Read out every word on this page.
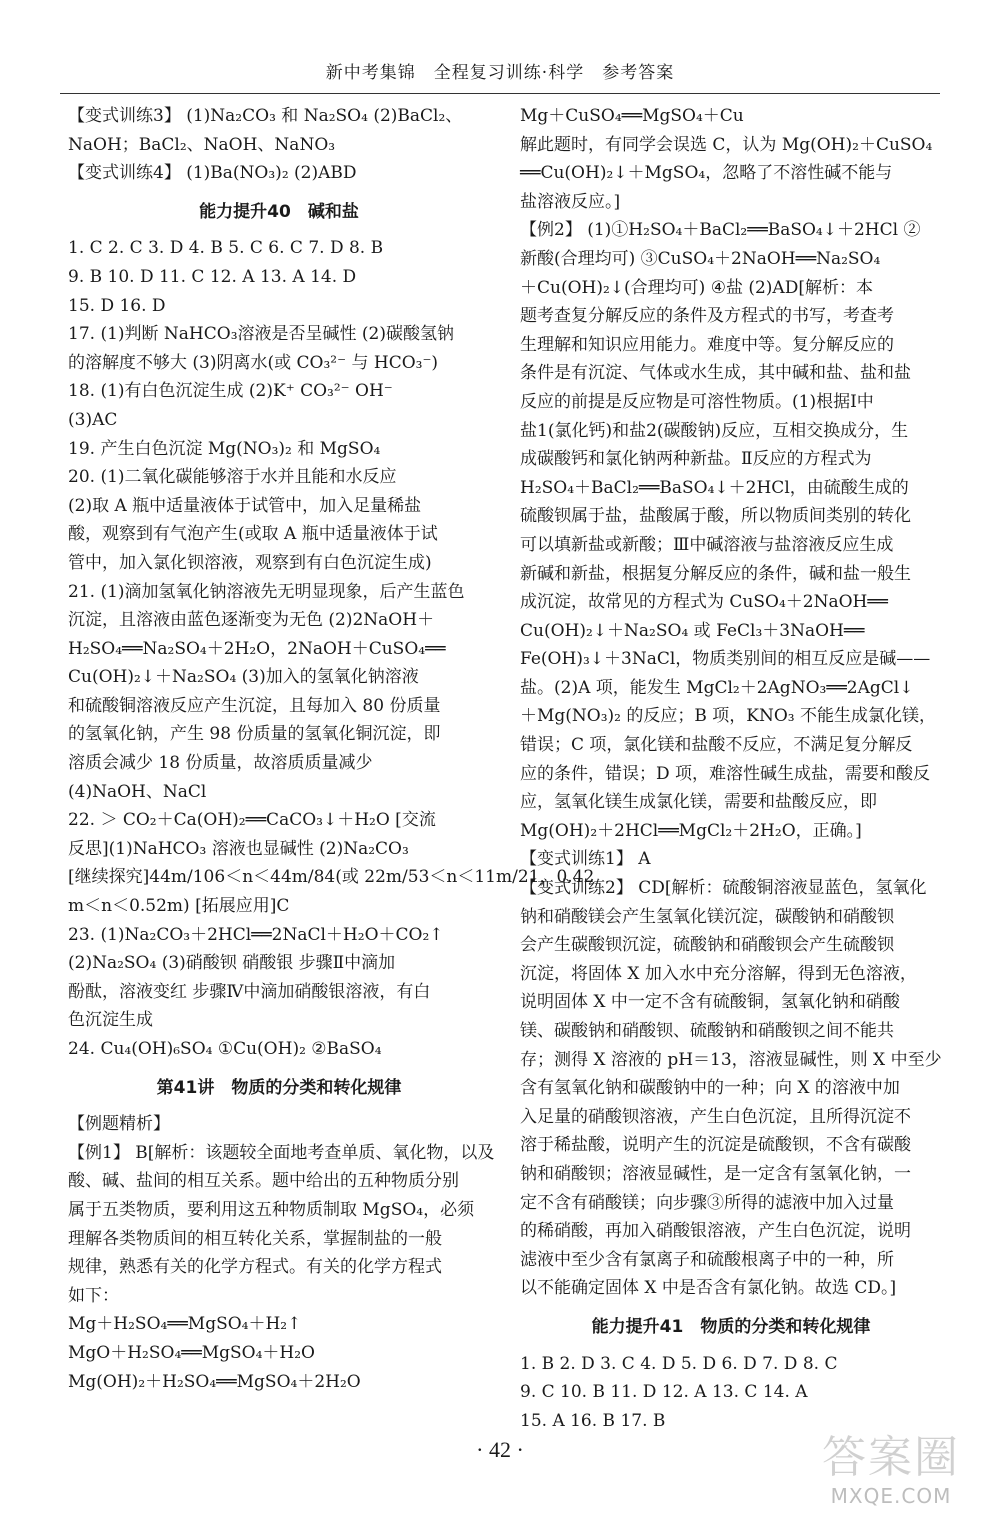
新中考集锦　全程复习训练·科学　参考答案
【变式训练3】 (1)Na₂CO₃ 和 Na₂SO₄ (2)BaCl₂、
NaOH；BaCl₂、NaOH、NaNO₃
【变式训练4】 (1)Ba(NO₃)₂ (2)ABD
能力提升40　碱和盐
1. C 2. C 3. D 4. B 5. C 6. C 7. D 8. B
9. B 10. D 11. C 12. A 13. A 14. D
15. D 16. D
17. (1)判断 NaHCO₃溶液是否呈碱性 (2)碳酸氢钠
的溶解度不够大 (3)阴离水(或 CO₃²⁻ 与 HCO₃⁻)
18. (1)有白色沉淀生成 (2)K⁺ CO₃²⁻ OH⁻
(3)AC
19. 产生白色沉淀 Mg(NO₃)₂ 和 MgSO₄
20. (1)二氧化碳能够溶于水并且能和水反应
(2)取 A 瓶中适量液体于试管中，加入足量稀盐
酸，观察到有气泡产生(或取 A 瓶中适量液体于试
管中，加入氯化钡溶液，观察到有白色沉淀生成)
21. (1)滴加氢氧化钠溶液先无明显现象，后产生蓝色
沉淀，且溶液由蓝色逐渐变为无色 (2)2NaOH＋
H₂SO₄══Na₂SO₄＋2H₂O，2NaOH＋CuSO₄══
Cu(OH)₂↓＋Na₂SO₄ (3)加入的氢氧化钠溶液
和硫酸铜溶液反应产生沉淀，且每加入 80 份质量
的氢氧化钠，产生 98 份质量的氢氧化铜沉淀，即
溶质会减少 18 份质量，故溶质质量减少
(4)NaOH、NaCl
22. ＞ CO₂＋Ca(OH)₂══CaCO₃↓＋H₂O [交流
反思](1)NaHCO₃ 溶液也显碱性 (2)Na₂CO₃
[继续探究]44m/106＜n＜44m/84(或 22m/53＜n＜11m/21，0.42
m＜n＜0.52m) [拓展应用]C
23. (1)Na₂CO₃＋2HCl══2NaCl＋H₂O＋CO₂↑
(2)Na₂SO₄ (3)硝酸钡 硝酸银 步骤Ⅱ中滴加
酚酞，溶液变红 步骤Ⅳ中滴加硝酸银溶液，有白
色沉淀生成
24. Cu₄(OH)₆SO₄ ①Cu(OH)₂ ②BaSO₄
第41讲　物质的分类和转化规律
【例题精析】
【例1】 B[解析：该题较全面地考查单质、氧化物，以及
酸、碱、盐间的相互关系。题中给出的五种物质分别
属于五类物质，要利用这五种物质制取 MgSO₄，必须
理解各类物质间的相互转化关系，掌握制盐的一般
规律，熟悉有关的化学方程式。有关的化学方程式
如下：
Mg＋H₂SO₄══MgSO₄＋H₂↑
MgO＋H₂SO₄══MgSO₄＋H₂O
Mg(OH)₂＋H₂SO₄══MgSO₄＋2H₂O
Mg＋CuSO₄══MgSO₄＋Cu
解此题时，有同学会误选 C，认为 Mg(OH)₂＋CuSO₄
══Cu(OH)₂↓＋MgSO₄，忽略了不溶性碱不能与
盐溶液反应。]
【例2】 (1)①H₂SO₄＋BaCl₂══BaSO₄↓＋2HCl ②
新酸(合理均可) ③CuSO₄＋2NaOH══Na₂SO₄
＋Cu(OH)₂↓(合理均可) ④盐 (2)AD[解析：本
题考查复分解反应的条件及方程式的书写，考查考
生理解和知识应用能力。难度中等。复分解反应的
条件是有沉淀、气体或水生成，其中碱和盐、盐和盐
反应的前提是反应物是可溶性物质。(1)根据Ⅰ中
盐1(氯化钙)和盐2(碳酸钠)反应，互相交换成分，生
成碳酸钙和氯化钠两种新盐。Ⅱ反应的方程式为
H₂SO₄＋BaCl₂══BaSO₄↓＋2HCl，由硫酸生成的
硫酸钡属于盐，盐酸属于酸，所以物质间类别的转化
可以填新盐或新酸；Ⅲ中碱溶液与盐溶液反应生成
新碱和新盐，根据复分解反应的条件，碱和盐一般生
成沉淀，故常见的方程式为 CuSO₄＋2NaOH══
Cu(OH)₂↓＋Na₂SO₄ 或 FeCl₃＋3NaOH══
Fe(OH)₃↓＋3NaCl，物质类别间的相互反应是碱——
盐。(2)A 项，能发生 MgCl₂＋2AgNO₃══2AgCl↓
＋Mg(NO₃)₂ 的反应；B 项，KNO₃ 不能生成氯化镁，
错误；C 项，氯化镁和盐酸不反应，不满足复分解反
应的条件，错误；D 项，难溶性碱生成盐，需要和酸反
应，氢氧化镁生成氯化镁，需要和盐酸反应，即
Mg(OH)₂＋2HCl══MgCl₂＋2H₂O，正确。]
【变式训练1】 A
【变式训练2】 CD[解析：硫酸铜溶液显蓝色，氢氧化
钠和硝酸镁会产生氢氧化镁沉淀，碳酸钠和硝酸钡
会产生碳酸钡沉淀，硫酸钠和硝酸钡会产生硫酸钡
沉淀，将固体 X 加入水中充分溶解，得到无色溶液，
说明固体 X 中一定不含有硫酸铜，氢氧化钠和硝酸
镁、碳酸钠和硝酸钡、硫酸钠和硝酸钡之间不能共
存；测得 X 溶液的 pH＝13，溶液显碱性，则 X 中至少
含有氢氧化钠和碳酸钠中的一种；向 X 的溶液中加
入足量的硝酸钡溶液，产生白色沉淀，且所得沉淀不
溶于稀盐酸，说明产生的沉淀是硫酸钡，不含有碳酸
钠和硝酸钡；溶液显碱性，是一定含有氢氧化钠，一
定不含有硝酸镁；向步骤③所得的滤液中加入过量
的稀硝酸，再加入硝酸银溶液，产生白色沉淀，说明
滤液中至少含有氯离子和硫酸根离子中的一种，所
以不能确定固体 X 中是否含有氯化钠。故选 CD。]
能力提升41　物质的分类和转化规律
1. B 2. D 3. C 4. D 5. D 6. D 7. D 8. C
9. C 10. B 11. D 12. A 13. C 14. A
15. A 16. B 17. B
· 42 ·	答案圈
MXQE.COM
